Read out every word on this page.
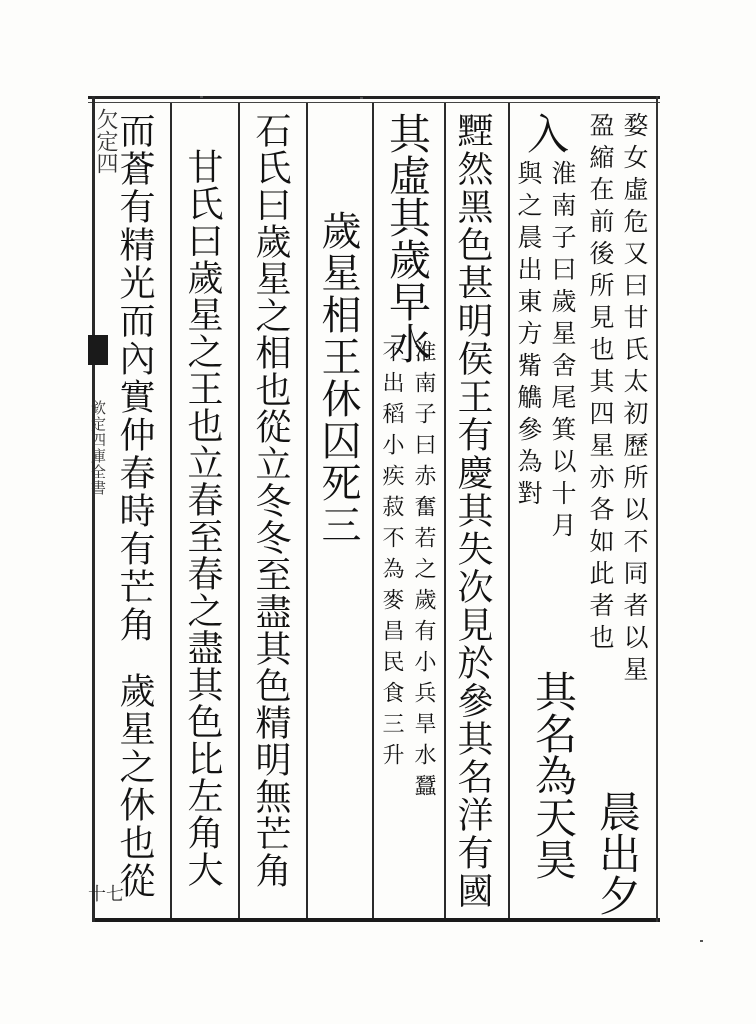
欠定四
欽定四庫全書
十七
婺女虛危又曰甘氏太初歷所以不同者以星
盈縮在前後所見也其四星亦各如此者也
晨出夕
入
淮南子曰歲星舍尾箕以十月
與之晨出東方觜觹參為對
其名為天昊
黫然黑色甚明侯王有慶其失次見於參其名洋有國
其虛其歲早水
淮南子曰赤奮若之歲有小兵旱水蠶
不出稻小疾菽不為麥昌民食三升
歲星相王休囚死三
石氏曰歲星之相也從立冬冬至盡其色精明無芒角
甘氏曰歲星之王也立春至春之盡其色比左角大
而蒼有精光而內實仲春時有芒角
歲星之休也從
